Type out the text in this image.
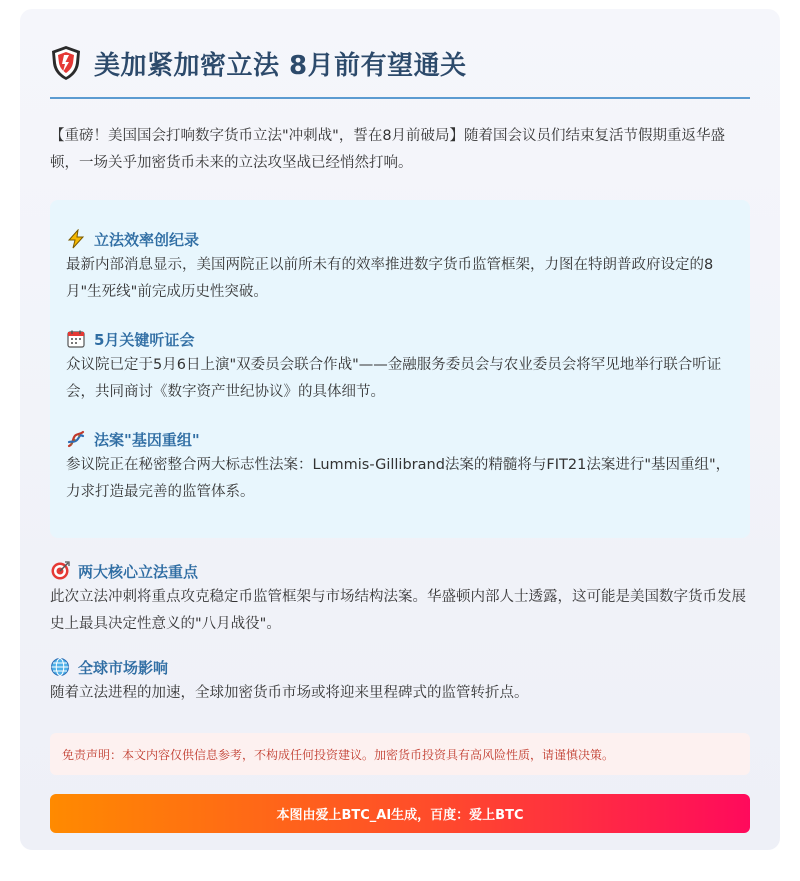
美加紧加密立法 8月前有望通关
【重磅！美国国会打响数字货币立法"冲刺战"，誓在8月前破局】随着国会议员们结束复活节假期重返华盛顿，一场关乎加密货币未来的立法攻坚战已经悄然打响。
立法效率创纪录
最新内部消息显示，美国两院正以前所未有的效率推进数字货币监管框架，力图在特朗普政府设定的8月"生死线"前完成历史性突破。
5月关键听证会
众议院已定于5月6日上演"双委员会联合作战"——金融服务委员会与农业委员会将罕见地举行联合听证会，共同商讨《数字资产世纪协议》的具体细节。
法案"基因重组"
参议院正在秘密整合两大标志性法案：Lummis-Gillibrand法案的精髓将与FIT21法案进行"基因重组"，力求打造最完善的监管体系。
两大核心立法重点
此次立法冲刺将重点攻克稳定币监管框架与市场结构法案。华盛顿内部人士透露，这可能是美国数字货币发展史上最具决定性意义的"八月战役"。
全球市场影响
随着立法进程的加速，全球加密货币市场或将迎来里程碑式的监管转折点。
免责声明：本文内容仅供信息参考，不构成任何投资建议。加密货币投资具有高风险性质，请谨慎决策。
本图由爱上BTC_AI生成，百度：爱上BTC
